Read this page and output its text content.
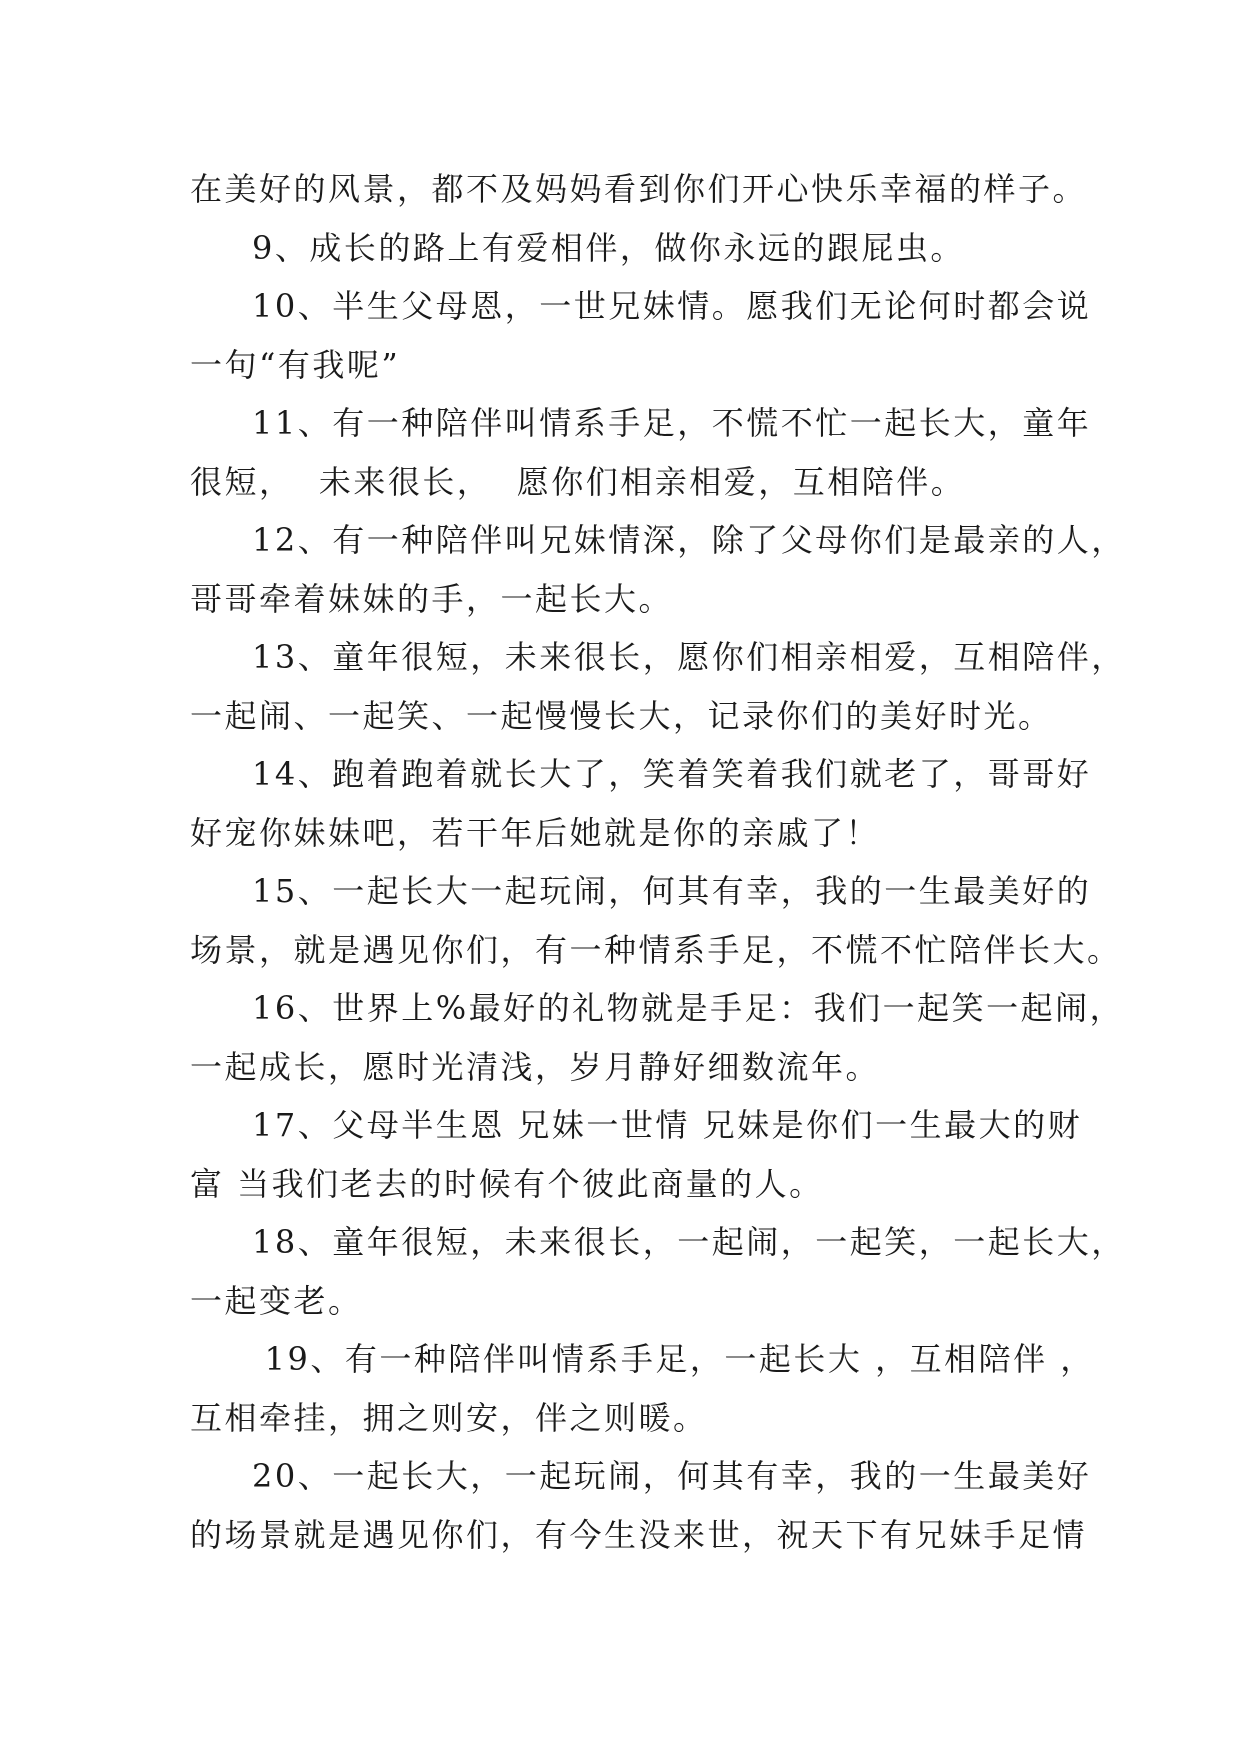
在美好的风景，都不及妈妈看到你们开心快乐幸福的样子。
9、成长的路上有爱相伴，做你永远的跟屁虫。
10、半生父母恩，一世兄妹情。愿我们无论何时都会说
一句“有我呢”
11、有一种陪伴叫情系手足，不慌不忙一起长大，童年
很短，  未来很长，  愿你们相亲相爱，互相陪伴。
12、有一种陪伴叫兄妹情深，除了父母你们是最亲的人，
哥哥牵着妹妹的手，一起长大。
13、童年很短，未来很长，愿你们相亲相爱，互相陪伴，
一起闹、一起笑、一起慢慢长大，记录你们的美好时光。
14、跑着跑着就长大了，笑着笑着我们就老了，哥哥好
好宠你妹妹吧，若干年后她就是你的亲戚了！
15、一起长大一起玩闹，何其有幸，我的一生最美好的
场景，就是遇见你们，有一种情系手足，不慌不忙陪伴长大。
16、世界上%最好的礼物就是手足：我们一起笑一起闹，
一起成长，愿时光清浅，岁月静好细数流年。
17、父母半生恩 兄妹一世情 兄妹是你们一生最大的财
富 当我们老去的时候有个彼此商量的人。
18、童年很短，未来很长，一起闹，一起笑，一起长大，
一起变老。
19、有一种陪伴叫情系手足，一起长大 ，互相陪伴 ，
互相牵挂，拥之则安，伴之则暖。
20、一起长大，一起玩闹，何其有幸，我的一生最美好
的场景就是遇见你们，有今生没来世，祝天下有兄妹手足情
